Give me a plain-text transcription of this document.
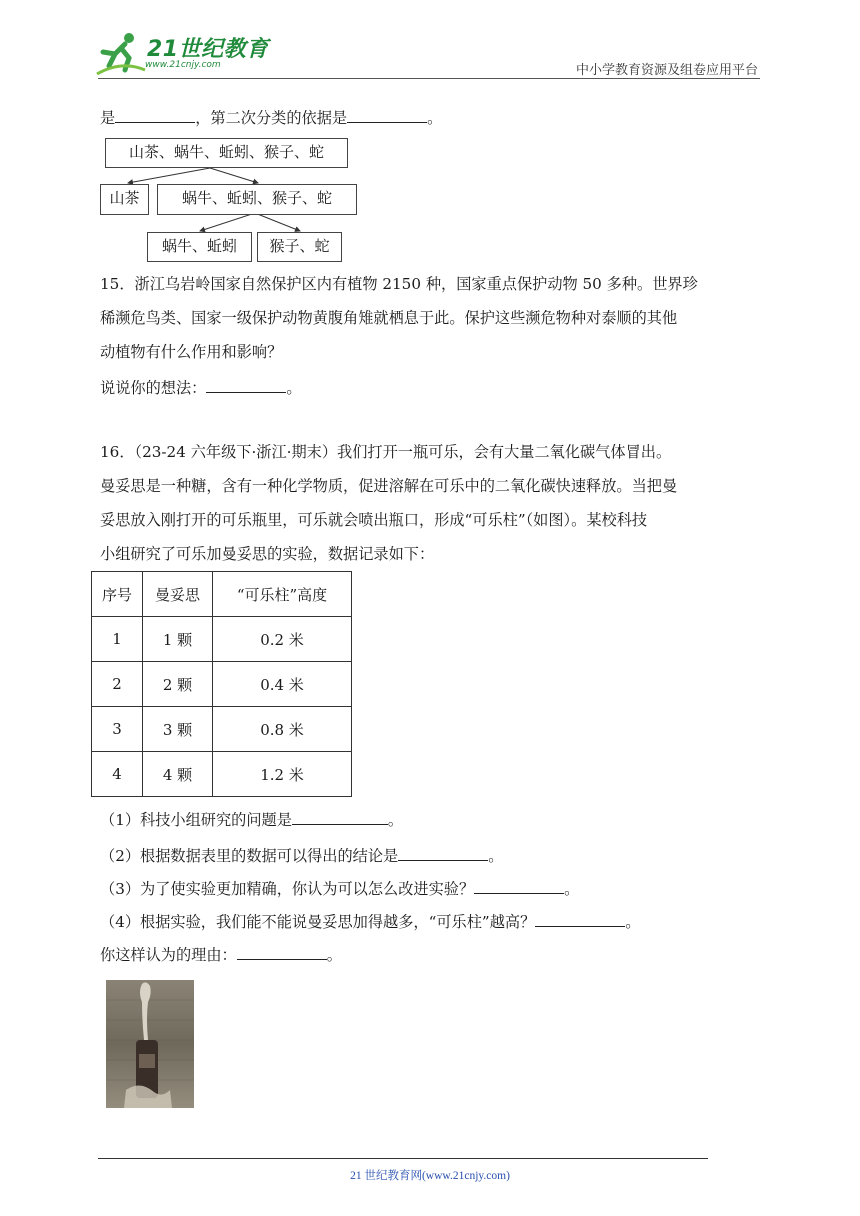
21世纪教育
www.21cnjy.com	中小学教育资源及组卷应用平台
是	，第二次分类的依据是	。
山茶、蜗牛、蚯蚓、猴子、蛇
山茶	蜗牛、蚯蚓、猴子、蛇
蜗牛、蚯蚓	猴子、蛇
15．浙江乌岩岭国家自然保护区内有植物 2150 种，国家重点保护动物 50 多种。世界珍
稀濒危鸟类、国家一级保护动物黄腹角雉就栖息于此。保护这些濒危物种对泰顺的其他
动植物有什么作用和影响？
说说你的想法：	。
16．（23-24 六年级下·浙江·期末）我们打开一瓶可乐，会有大量二氧化碳气体冒出。
曼妥思是一种糖，含有一种化学物质，促进溶解在可乐中的二氧化碳快速释放。当把曼
妥思放入刚打开的可乐瓶里，可乐就会喷出瓶口，形成“可乐柱”（如图）。某校科技
小组研究了可乐加曼妥思的实验，数据记录如下：
序号	曼妥思	“可乐柱”高度
1	1 颗	0.2 米
2	2 颗	0.4 米
3	3 颗	0.8 米
4	4 颗	1.2 米
（1）科技小组研究的问题是	。
（2）根据数据表里的数据可以得出的结论是	。
（3）为了使实验更加精确，你认为可以怎么改进实验？	。
（4）根据实验，我们能不能说曼妥思加得越多，“可乐柱”越高？	。
你这样认为的理由：	。
21 世纪教育网(www.21cnjy.com)
